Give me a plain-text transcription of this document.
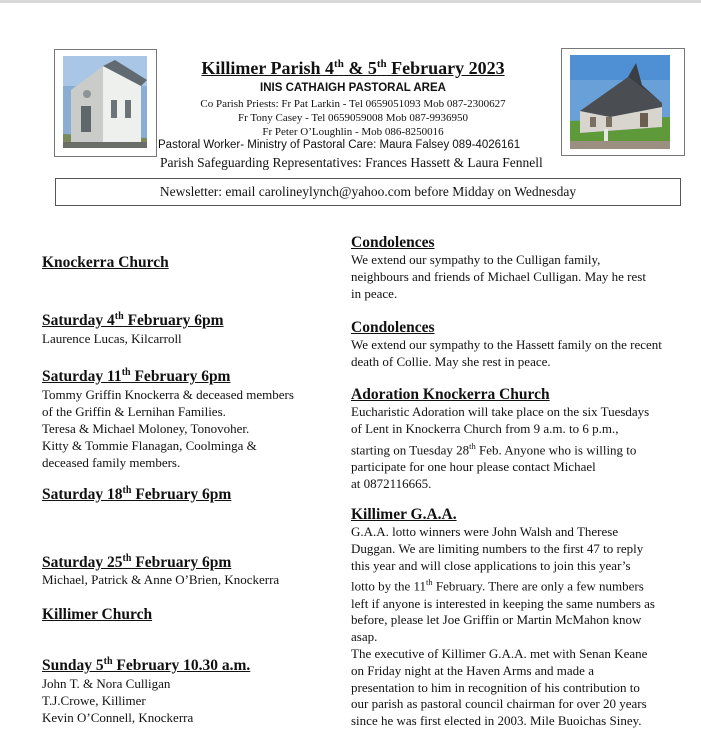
Killimer Parish 4th & 5th February 2023
INIS CATHAIGH PASTORAL AREA
Co Parish Priests: Fr Pat Larkin - Tel 0659051093 Mob 087-2300627
Fr Tony Casey - Tel 0659059008 Mob 087-9936950
Fr Peter O’Loughlin - Mob 086-8250016
Pastoral Worker- Ministry of Pastoral Care: Maura Falsey 089-4026161
Parish Safeguarding Representatives: Frances Hassett & Laura Fennell
Newsletter: email carolineylynch@yahoo.com before Midday on Wednesday
Knockerra Church
Saturday 4th February 6pm
Laurence Lucas, Kilcarroll
Saturday 11th February 6pm
Tommy Griffin Knockerra & deceased members
of the Griffin & Lernihan Families.
Teresa & Michael Moloney, Tonovoher.
Kitty & Tommie Flanagan, Coolminga &
deceased family members.
Saturday 18th February 6pm
Saturday 25th February 6pm
Michael, Patrick & Anne O’Brien, Knockerra
Killimer Church
Sunday 5th February 10.30 a.m.
John T. & Nora Culligan
T.J.Crowe, Killimer
Kevin O’Connell, Knockerra
Condolences
We extend our sympathy to the Culligan family,
neighbours and friends of Michael Culligan. May he rest
in peace.
Condolences
We extend our sympathy to the Hassett family on the recent
death of Collie. May she rest in peace.
Adoration Knockerra Church
Eucharistic Adoration will take place on the six Tuesdays
of Lent in Knockerra Church from 9 a.m. to 6 p.m.,
starting on Tuesday 28th Feb. Anyone who is willing to
participate for one hour please contact Michael
at 0872116665.
Killimer G.A.A.
G.A.A. lotto winners were John Walsh and Therese
Duggan. We are limiting numbers to the first 47 to reply
this year and will close applications to join this year’s
lotto by the 11th February. There are only a few numbers
left if anyone is interested in keeping the same numbers as
before, please let Joe Griffin or Martin McMahon know
asap.
The executive of Killimer G.A.A. met with Senan Keane
on Friday night at the Haven Arms and made a
presentation to him in recognition of his contribution to
our parish as pastoral council chairman for over 20 years
since he was first elected in 2003. Mile Buoichas Siney.
